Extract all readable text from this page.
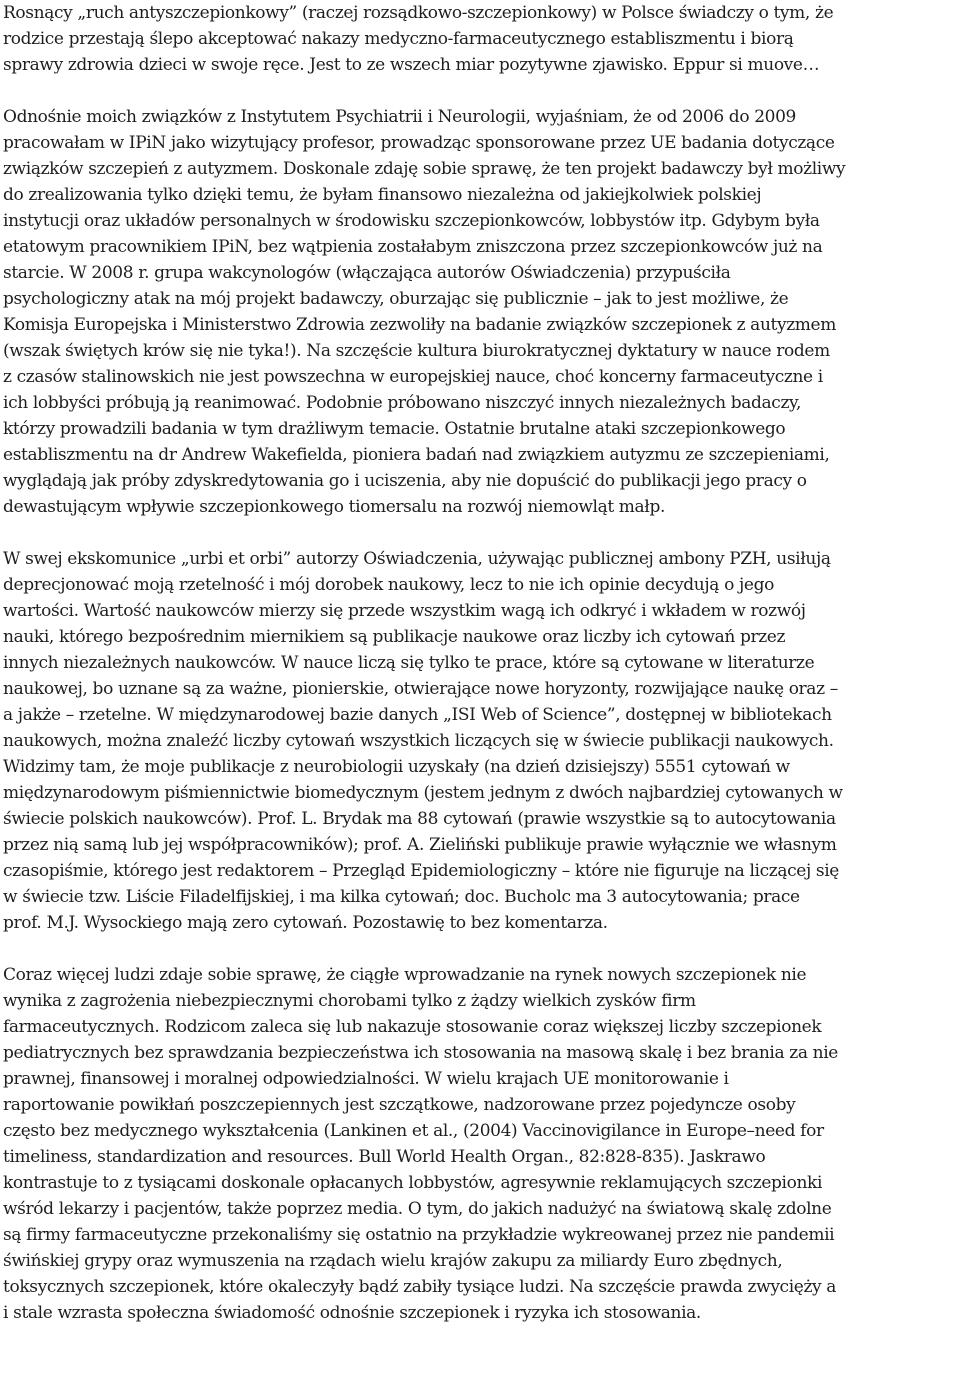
Rosnący „ruch antyszczepionkowy” (raczej rozsądkowo-szczepionkowy) w Polsce świadczy o tym, że
rodzice przestają ślepo akceptować nakazy medyczno-farmaceutycznego establiszmentu i biorą
sprawy zdrowia dzieci w swoje ręce. Jest to ze wszech miar pozytywne zjawisko. Eppur si muove…

Odnośnie moich związków z Instytutem Psychiatrii i Neurologii, wyjaśniam, że od 2006 do 2009
pracowałam w IPiN jako wizytujący profesor, prowadząc sponsorowane przez UE badania dotyczące
związków szczepień z autyzmem. Doskonale zdaję sobie sprawę, że ten projekt badawczy był możliwy
do zrealizowania tylko dzięki temu, że byłam finansowo niezależna od jakiejkolwiek polskiej
instytucji oraz układów personalnych w środowisku szczepionkowców, lobbystów itp. Gdybym była
etatowym pracownikiem IPiN, bez wątpienia zostałabym zniszczona przez szczepionkowców już na
starcie. W 2008 r. grupa wakcynologów (włączająca autorów Oświadczenia) przypuściła
psychologiczny atak na mój projekt badawczy, oburzając się publicznie – jak to jest możliwe, że
Komisja Europejska i Ministerstwo Zdrowia zezwoliły na badanie związków szczepionek z autyzmem
(wszak świętych krów się nie tyka!). Na szczęście kultura biurokratycznej dyktatury w nauce rodem
z czasów stalinowskich nie jest powszechna w europejskiej nauce, choć koncerny farmaceutyczne i
ich lobbyści próbują ją reanimować. Podobnie próbowano niszczyć innych niezależnych badaczy,
którzy prowadzili badania w tym drażliwym temacie. Ostatnie brutalne ataki szczepionkowego
establiszmentu na dr Andrew Wakefielda, pioniera badań nad związkiem autyzmu ze szczepieniami,
wyglądają jak próby zdyskredytowania go i uciszenia, aby nie dopuścić do publikacji jego pracy o
dewastującym wpływie szczepionkowego tiomersalu na rozwój niemowląt małp.

W swej ekskomunice „urbi et orbi” autorzy Oświadczenia, używając publicznej ambony PZH, usiłują
deprecjonować moją rzetelność i mój dorobek naukowy, lecz to nie ich opinie decydują o jego
wartości. Wartość naukowców mierzy się przede wszystkim wagą ich odkryć i wkładem w rozwój
nauki, którego bezpośrednim miernikiem są publikacje naukowe oraz liczby ich cytowań przez
innych niezależnych naukowców. W nauce liczą się tylko te prace, które są cytowane w literaturze
naukowej, bo uznane są za ważne, pionierskie, otwierające nowe horyzonty, rozwijające naukę oraz –
a jakże – rzetelne. W międzynarodowej bazie danych „ISI Web of Science”, dostępnej w bibliotekach
naukowych, można znaleźć liczby cytowań wszystkich liczących się w świecie publikacji naukowych.
Widzimy tam, że moje publikacje z neurobiologii uzyskały (na dzień dzisiejszy) 5551 cytowań w
międzynarodowym piśmiennictwie biomedycznym (jestem jednym z dwóch najbardziej cytowanych w
świecie polskich naukowców). Prof. L. Brydak ma 88 cytowań (prawie wszystkie są to autocytowania
przez nią samą lub jej współpracowników); prof. A. Zieliński publikuje prawie wyłącznie we własnym
czasopiśmie, którego jest redaktorem – Przegląd Epidemiologiczny – które nie figuruje na liczącej się
w świecie tzw. Liście Filadelfijskiej, i ma kilka cytowań; doc. Bucholc ma 3 autocytowania; prace
prof. M.J. Wysockiego mają zero cytowań. Pozostawię to bez komentarza.

Coraz więcej ludzi zdaje sobie sprawę, że ciągłe wprowadzanie na rynek nowych szczepionek nie
wynika z zagrożenia niebezpiecznymi chorobami tylko z żądzy wielkich zysków firm
farmaceutycznych. Rodzicom zaleca się lub nakazuje stosowanie coraz większej liczby szczepionek
pediatrycznych bez sprawdzania bezpieczeństwa ich stosowania na masową skalę i bez brania za nie
prawnej, finansowej i moralnej odpowiedzialności. W wielu krajach UE monitorowanie i
raportowanie powikłań poszczepiennych jest szczątkowe, nadzorowane przez pojedyncze osoby
często bez medycznego wykształcenia (Lankinen et al., (2004) Vaccinovigilance in Europe–need for
timeliness, standardization and resources. Bull World Health Organ., 82:828-835). Jaskrawo
kontrastuje to z tysiącami doskonale opłacanych lobbystów, agresywnie reklamujących szczepionki
wśród lekarzy i pacjentów, także poprzez media. O tym, do jakich nadużyć na światową skalę zdolne
są firmy farmaceutyczne przekonaliśmy się ostatnio na przykładzie wykreowanej przez nie pandemii
świńskiej grypy oraz wymuszenia na rządach wielu krajów zakupu za miliardy Euro zbędnych,
toksycznych szczepionek, które okaleczyły bądź zabiły tysiące ludzi. Na szczęście prawda zwycięży a
i stale wzrasta społeczna świadomość odnośnie szczepionek i ryzyka ich stosowania.
